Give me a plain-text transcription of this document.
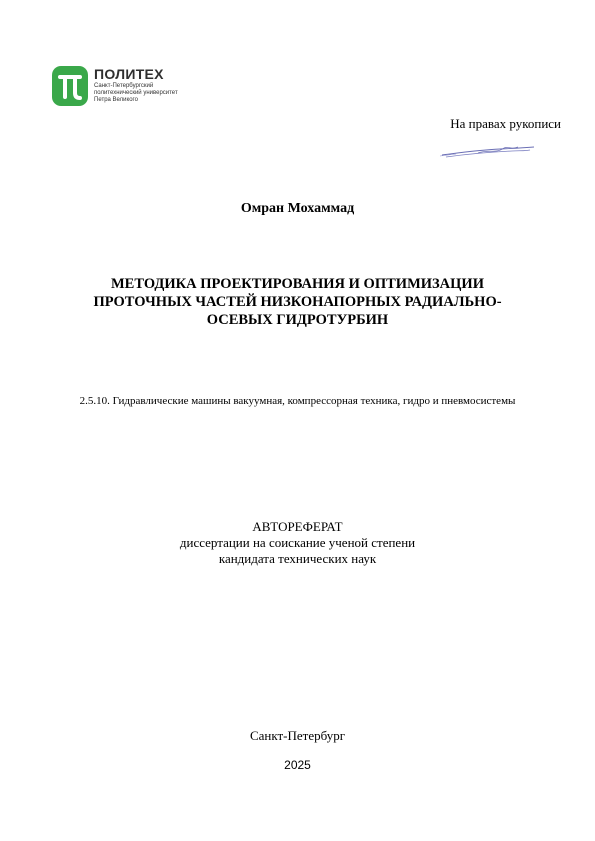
ПОЛИТЕХ
Санкт-Петербургский
политехнический университет
Петра Великого
На правах рукописи
Омран Мохаммад
МЕТОДИКА ПРОЕКТИРОВАНИЯ И ОПТИМИЗАЦИИ
ПРОТОЧНЫХ ЧАСТЕЙ НИЗКОНАПОРНЫХ РАДИАЛЬНО-
ОСЕВЫХ ГИДРОТУРБИН
2.5.10. Гидравлические машины вакуумная, компрессорная техника, гидро и пневмосистемы
АВТОРЕФЕРАТ
диссертации на соискание ученой степени
кандидата технических наук
Санкт-Петербург
2025
